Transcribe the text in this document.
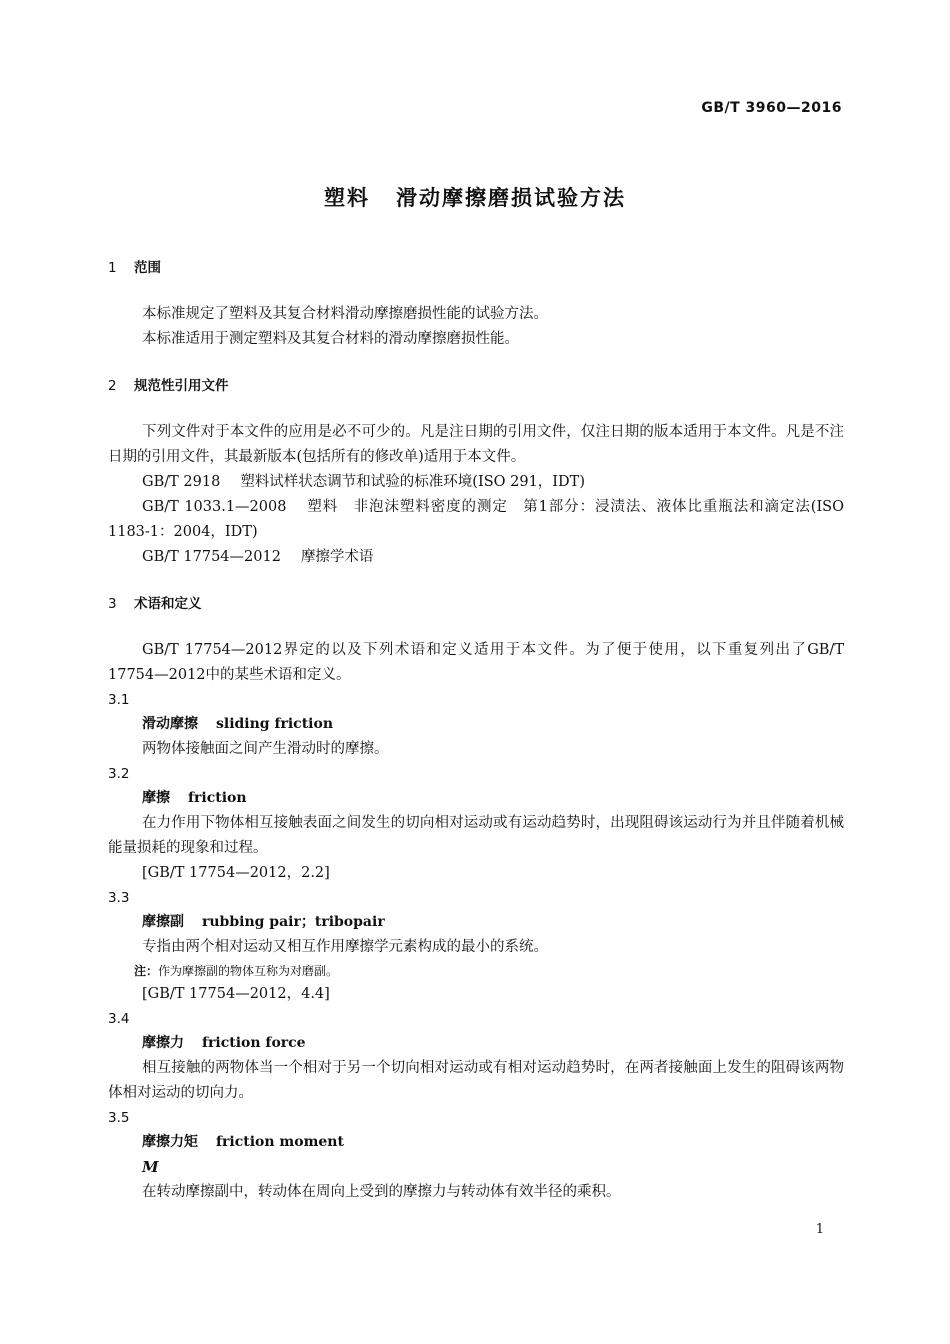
GB/T 3960—2016
塑料 滑动摩擦磨损试验方法
1 范围
本标准规定了塑料及其复合材料滑动摩擦磨损性能的试验方法。
本标准适用于测定塑料及其复合材料的滑动摩擦磨损性能。
2 规范性引用文件
下列文件对于本文件的应用是必不可少的。凡是注日期的引用文件，仅注日期的版本适用于本文件。凡是不注日期的引用文件，其最新版本(包括所有的修改单)适用于本文件。
GB/T 2918 塑料试样状态调节和试验的标准环境(ISO 291，IDT)
GB/T 1033.1—2008 塑料　非泡沫塑料密度的测定　第1部分：浸渍法、液体比重瓶法和滴定法(ISO 1183-1：2004，IDT)
GB/T 17754—2012 摩擦学术语
3 术语和定义
GB/T 17754—2012界定的以及下列术语和定义适用于本文件。为了便于使用，以下重复列出了GB/T 17754—2012中的某些术语和定义。
3.1
滑动摩擦 sliding friction
两物体接触面之间产生滑动时的摩擦。
3.2
摩擦 friction
在力作用下物体相互接触表面之间发生的切向相对运动或有运动趋势时，出现阻碍该运动行为并且伴随着机械能量损耗的现象和过程。
[GB/T 17754—2012，2.2]
3.3
摩擦副 rubbing pair；tribopair
专指由两个相对运动又相互作用摩擦学元素构成的最小的系统。
注：作为摩擦副的物体互称为对磨副。
[GB/T 17754—2012，4.4]
3.4
摩擦力 friction force
相互接触的两物体当一个相对于另一个切向相对运动或有相对运动趋势时，在两者接触面上发生的阻碍该两物体相对运动的切向力。
3.5
摩擦力矩 friction moment
M
在转动摩擦副中，转动体在周向上受到的摩擦力与转动体有效半径的乘积。
1
